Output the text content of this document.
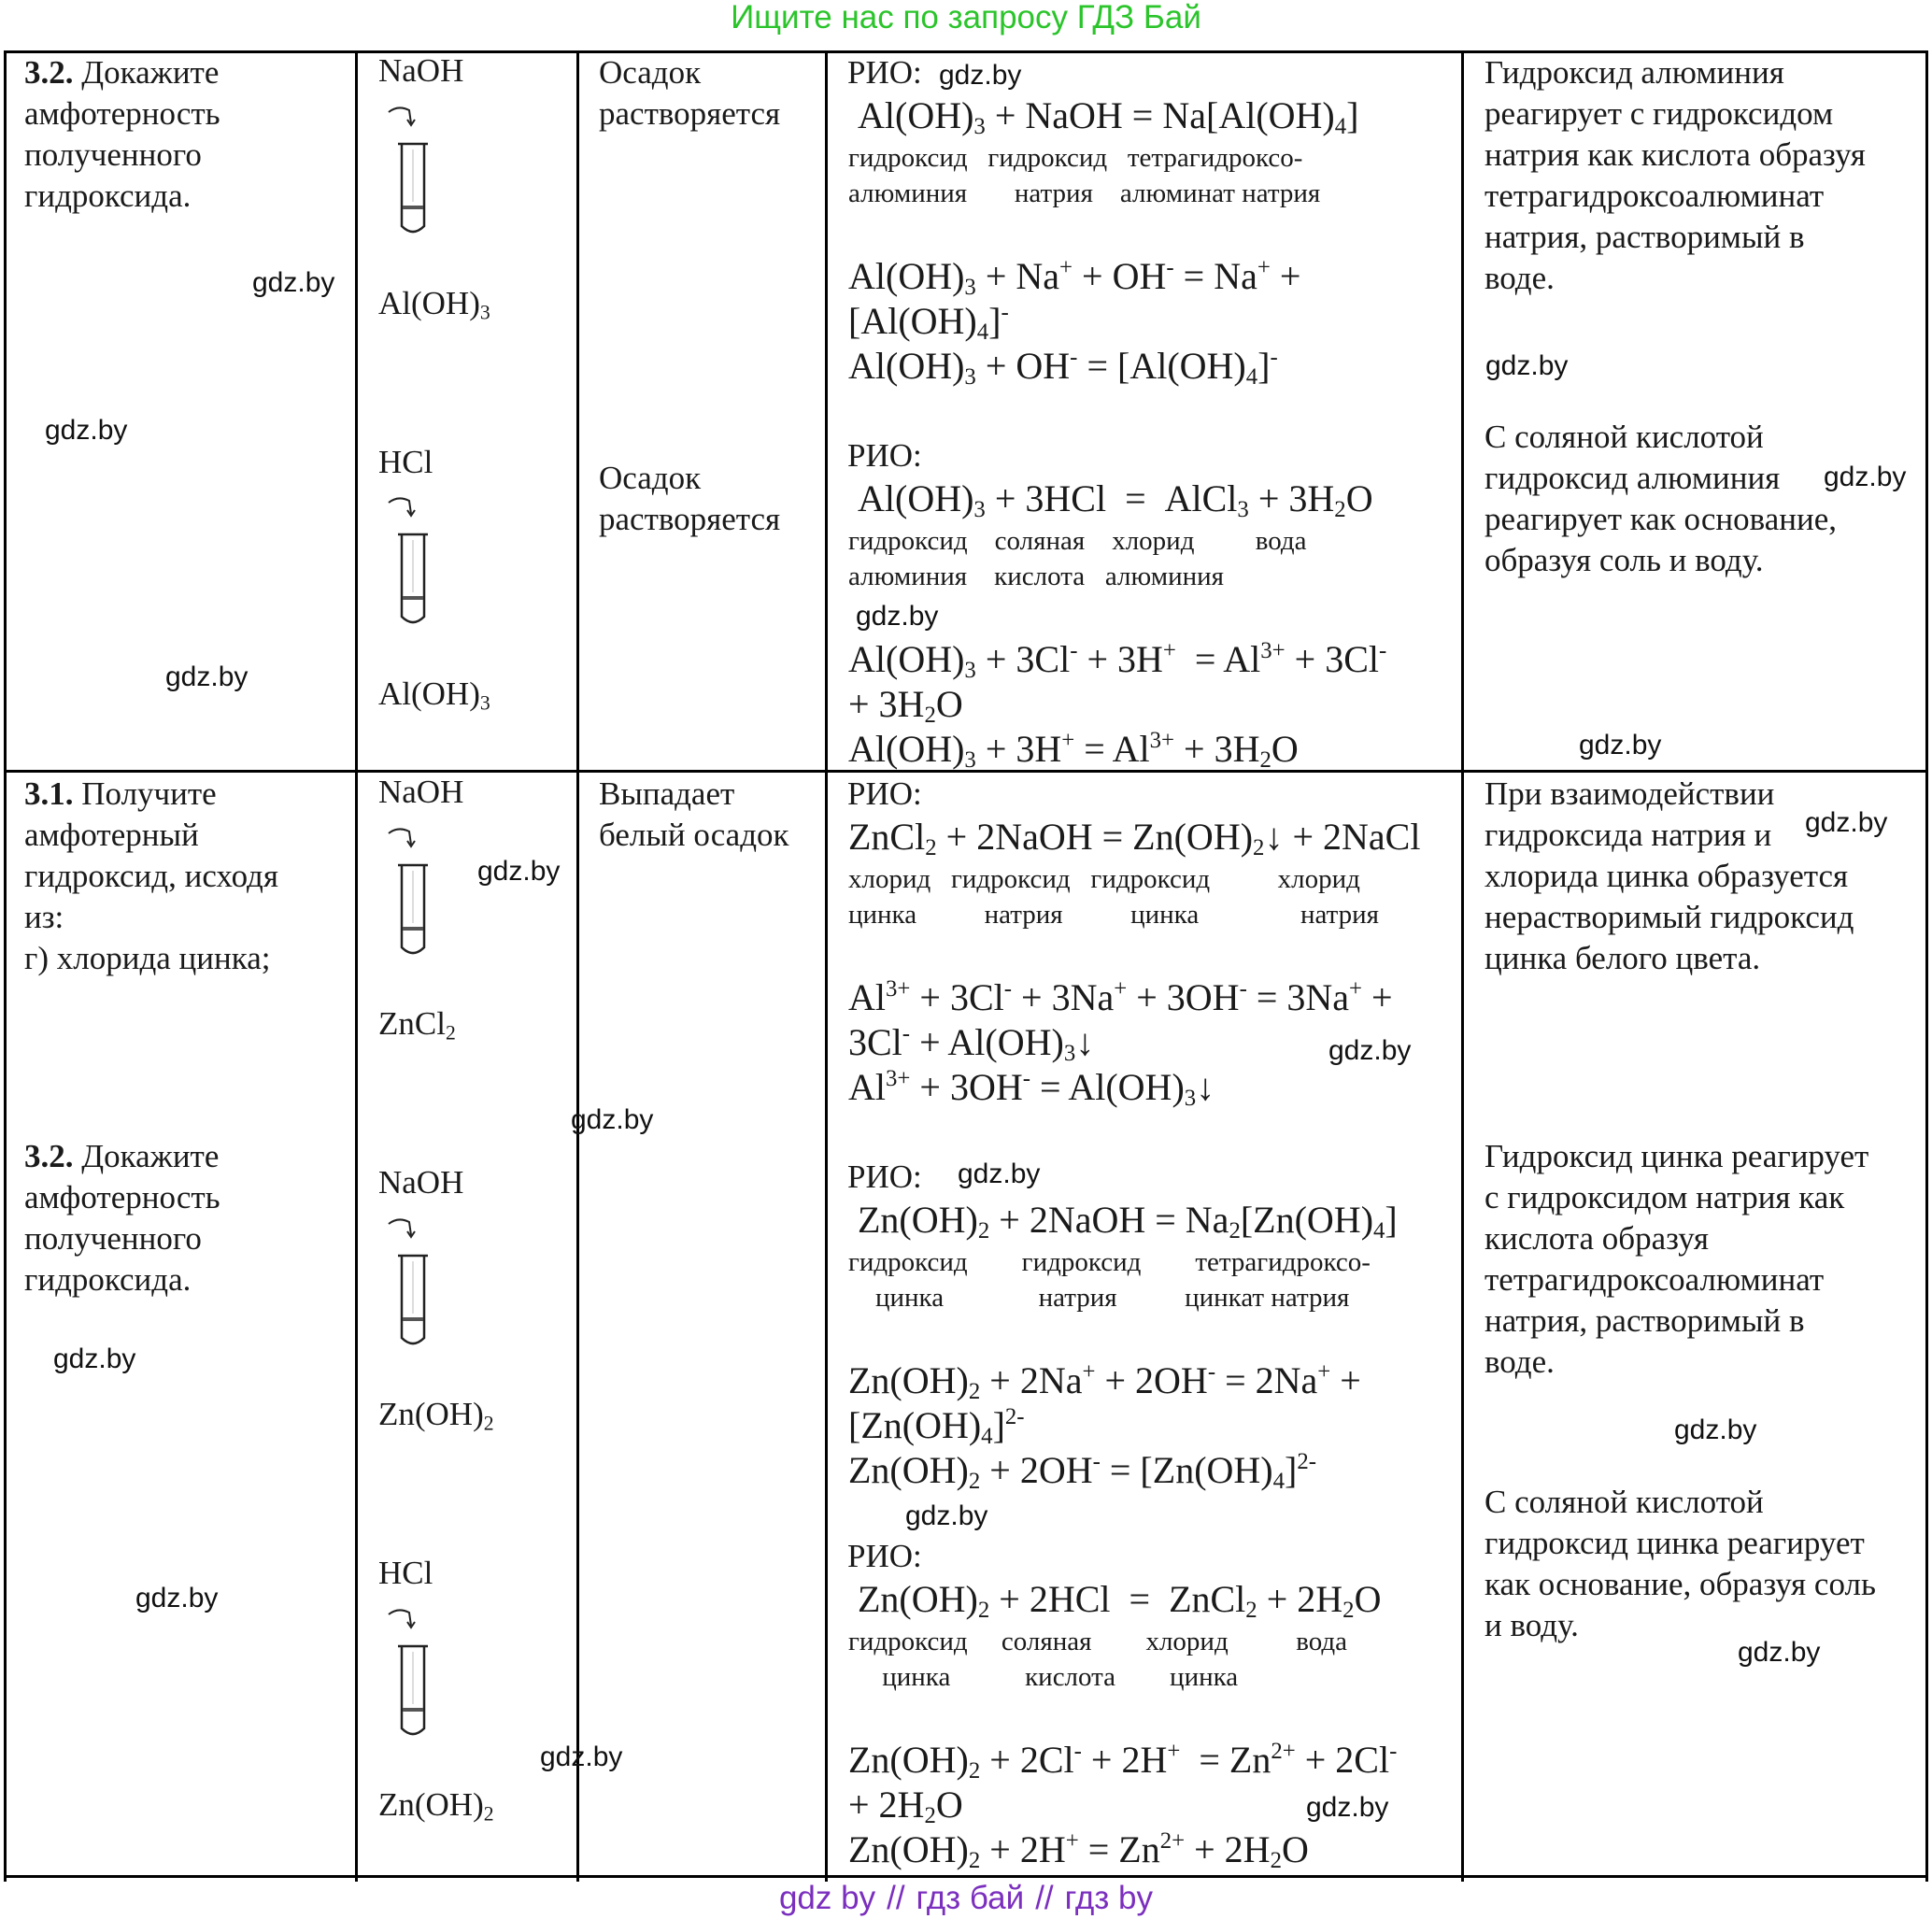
Ищите нас по запросу ГДЗ Бай
3.2. Докажите
амфотерность
полученного
гидроксида.
NaOH
$Al(OH)_3$
HCl
$Al(OH)_3$
Осадок
растворяется
Осадок
растворяется
РИО:
$Al(OH)_3$ + NaOH = $Na[Al(OH)_4]$
гидроксид   гидроксид   тетрагидроксо-
алюминия       натрия    алюминат натрия
$Al(OH)_3 + Na^+ + OH^- = Na^+$ +
$[Al(OH)_4]^-$
$Al(OH)_3 + OH^- = [Al(OH)_4]^-$
РИО:
$Al(OH)_3 + 3HCl$  =  AlCl$_3$ + $3H_2O$
гидроксид    соляная    хлорид         вода
алюминия    кислота   алюминия
$Al(OH)_3 + 3Cl^- + 3H^+ = Al^{3+} + 3Cl^-$
+ $3H_2O$
$Al(OH)_3 + 3H^+ = Al^{3+} + 3H_2O$
Гидроксид алюминия
реагирует с гидроксидом
натрия как кислота образуя
тетрагидроксоалюминат
натрия, растворимый в
воде.
С соляной кислотой
гидроксид алюминия
реагирует как основание,
образуя соль и воду.
3.1. Получите
амфотерный
гидроксид, исходя
из:
г) хлорида цинка;
3.2. Докажите
амфотерность
полученного
гидроксида.
NaOH
ZnCl$_2$
NaOH
$Zn(OH)_2$
HCl
$Zn(OH)_2$
Выпадает
белый осадок
РИО:
ZnCl$_2$ + 2NaOH = $Zn(OH)_2↓$ + 2NaCl
хлорид   гидроксид   гидроксид          хлорид
цинка          натрия          цинка               натрия
$Al^{3+} + 3Cl^- + 3Na^+ + 3OH^- = 3Na^+$ +
$3Cl^- + Al(OH)_3↓$
$Al^{3+} + 3OH^-$ = $Al(OH)_3↓$
РИО:
$Zn(OH)_2$ + 2NaOH = $Na_2[Zn(OH)_4]$
гидроксид        гидроксид        тетрагидроксо-
цинка              натрия          цинкат натрия
$Zn(OH)_2 + 2Na^+ + 2OH^- = 2Na^+$ +
$[Zn(OH)_4]^{2-}$
$Zn(OH)_2 + 2OH^- = [Zn(OH)_4]^{2-}$
РИО:
$Zn(OH)_2 + 2HCl$  =  ZnCl$_2$ + $2H_2O$
гидроксид     соляная        хлорид          вода
цинка           кислота        цинка
$Zn(OH)_2 + 2Cl^- + 2H^+ = Zn^{2+} + 2Cl^-$
+ $2H_2O$
$Zn(OH)_2 + 2H^+ = Zn^{2+} + 2H_2O$
При взаимодействии
гидроксида натрия и
хлорида цинка образуется
нерастворимый гидроксид
цинка белого цвета.
Гидроксид цинка реагирует
с гидроксидом натрия как
кислота образуя
тетрагидроксоалюминат
натрия, растворимый в
воде.
С соляной кислотой
гидроксид цинка реагирует
как основание, образуя соль
и воду.
gdz.by
gdz.by
gdz.by
gdz.by
gdz.by
gdz.by
gdz.by
gdz.by
gdz.by
gdz.by
gdz.by
gdz.by
gdz.by
gdz.by
gdz.by
gdz.by
gdz.by
gdz.by
gdz.by
gdz.by
gdz by // гдз бай // гдз by
